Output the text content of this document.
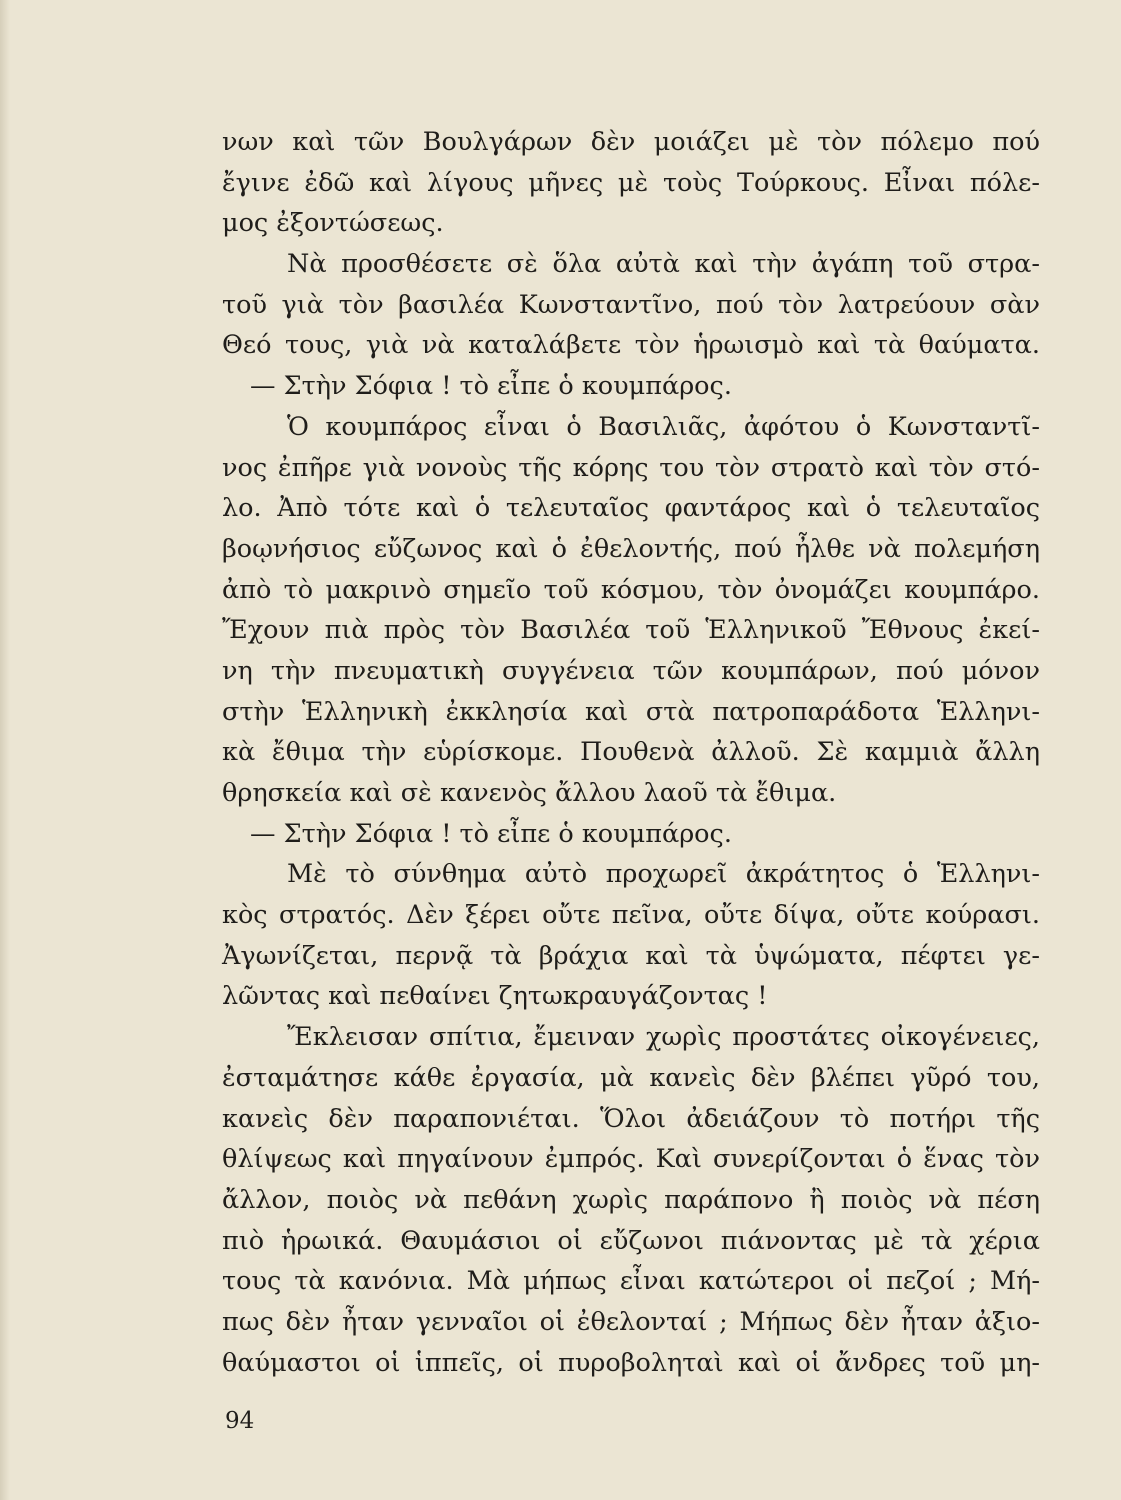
νων καὶ τῶν Βουλγάρων δὲν μοιάζει μὲ τὸν πόλεμο πού
ἔγινε ἐδῶ καὶ λίγους μῆνες μὲ τοὺς Τούρκους. Εἶναι πόλε-
μος ἐξοντώσεως.
Νὰ προσθέσετε σὲ ὅλα αὐτὰ καὶ τὴν ἀγάπη τοῦ στρα-
τοῦ γιὰ τὸν βασιλέα Κωνσταντῖνο, πού τὸν λατρεύουν σὰν
Θεό τους, γιὰ νὰ καταλάβετε τὸν ἡρωισμὸ καὶ τὰ θαύματα.
— Στὴν Σόφια ! τὸ εἶπε ὁ κουμπάρος.
Ὁ κουμπάρος εἶναι ὁ Βασιλιᾶς, ἀφότου ὁ Κωνσταντῖ-
νος ἐπῆρε γιὰ νονοὺς τῆς κόρης του τὸν στρατὸ καὶ τὸν στό-
λο. Ἀπὸ τότε καὶ ὁ τελευταῖος φαντάρος καὶ ὁ τελευταῖος
βοῳνήσιος εὔζωνος καὶ ὁ ἐθελοντής, πού ἦλθε νὰ πολεμήση
ἀπὸ τὸ μακρινὸ σημεῖο τοῦ κόσμου, τὸν ὀνομάζει κουμπάρο.
Ἔχουν πιὰ πρὸς τὸν Βασιλέα τοῦ Ἑλληνικοῦ Ἔθνους ἐκεί-
νη τὴν πνευματικὴ συγγένεια τῶν κουμπάρων, πού μόνον
στὴν Ἑλληνικὴ ἐκκλησία καὶ στὰ πατροπαράδοτα Ἑλληνι-
κὰ ἔθιμα τὴν εὑρίσκομε. Πουθενὰ ἀλλοῦ. Σὲ καμμιὰ ἄλλη
θρησκεία καὶ σὲ κανενὸς ἄλλου λαοῦ τὰ ἔθιμα.
— Στὴν Σόφια ! τὸ εἶπε ὁ κουμπάρος.
Μὲ τὸ σύνθημα αὐτὸ προχωρεῖ ἀκράτητος ὁ Ἑλληνι-
κὸς στρατός. Δὲν ξέρει οὔτε πεῖνα, οὔτε δίψα, οὔτε κούρασι.
Ἀγωνίζεται, περνᾷ τὰ βράχια καὶ τὰ ὑψώματα, πέφτει γε-
λῶντας καὶ πεθαίνει ζητωκραυγάζοντας !
Ἔκλεισαν σπίτια, ἔμειναν χωρὶς προστάτες οἰκογένειες,
ἐσταμάτησε κάθε ἐργασία, μὰ κανεὶς δὲν βλέπει γῦρό του,
κανεὶς δὲν παραπονιέται. Ὅλοι ἀδειάζουν τὸ ποτήρι τῆς
θλίψεως καὶ πηγαίνουν ἐμπρός. Καὶ συνερίζονται ὁ ἕνας τὸν
ἄλλον, ποιὸς νὰ πεθάνη χωρὶς παράπονο ἢ ποιὸς νὰ πέση
πιὸ ἡρωικά. Θαυμάσιοι οἱ εὔζωνοι πιάνοντας μὲ τὰ χέρια
τους τὰ κανόνια. Μὰ μήπως εἶναι κατώτεροι οἱ πεζοί ; Μή-
πως δὲν ἦταν γενναῖοι οἱ ἐθελονταί ; Μήπως δὲν ἦταν ἀξιο-
θαύμαστοι οἱ ἱππεῖς, οἱ πυροβοληταὶ καὶ οἱ ἄνδρες τοῦ μη-
94
